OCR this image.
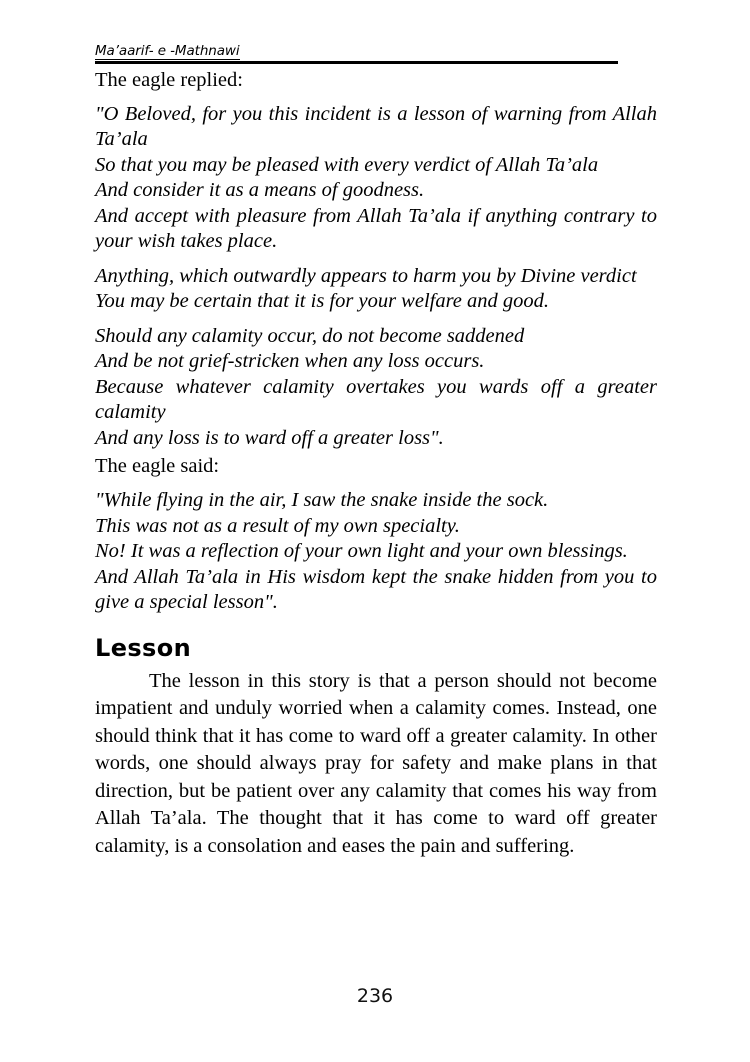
Ma’aarif- e -Mathnawi

The eagle replied:

"O Beloved, for you this incident is a lesson of warning from Allah Ta’ala

So that you may be pleased with every verdict of Allah Ta’ala

And consider it as a means of goodness.

And accept with pleasure from Allah Ta’ala if anything contrary to your wish takes place.

Anything, which outwardly appears to harm you by Divine verdict

You may be certain that it is for your welfare and good.

Should any calamity occur, do not become saddened

And be not grief-stricken when any loss occurs.

Because whatever calamity overtakes you wards off a greater calamity

And any loss is to ward off a greater loss".

The eagle said:

"While flying in the air, I saw the snake inside the sock.

This was not as a result of my own specialty.

No! It was a reflection of your own light and your own blessings.

And Allah Ta’ala in His wisdom kept the snake hidden from you to give a special lesson".

Lesson

The lesson in this story is that a person should not become impatient and unduly worried when a calamity comes. Instead, one should think that it has come to ward off a greater calamity. In other words, one should always pray for safety and make plans in that direction, but be patient over any calamity that comes his way from Allah Ta’ala. The thought that it has come to ward off greater calamity, is a consolation and eases the pain and suffering.

236
